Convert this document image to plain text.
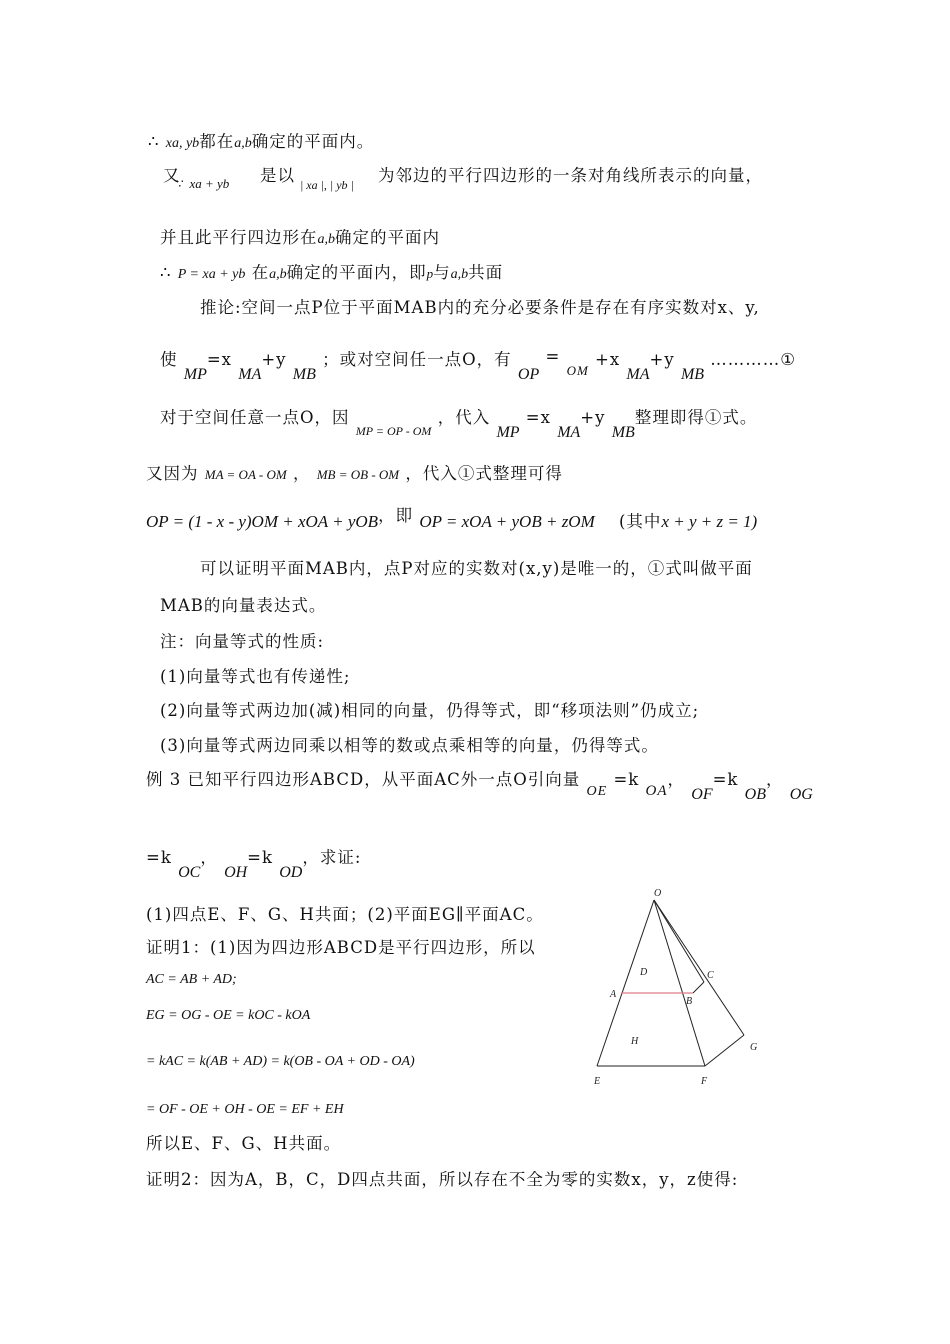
∴ xa, yb都在a,b确定的平面内。
又
∵ xa + yb 是以 | xa |, | yb | 为邻边的平行四边形的一条对角线所表示的向量，
并且此平行四边形在a,b确定的平面内
∴ P = xa + yb 在a,b确定的平面内，即p与a,b共面
推论:空间一点P位于平面MAB内的充分必要条件是存在有序实数对x、y,
使 MP=x MA+y MB ；或对空间任一点O，有 OP = $_{OM}$ +x MA+y MB …………①
对于空间任意一点O，因 $_{MP = OP - OM}$ ，代入 MP =x MA+y MB整理即得①式。
又因为 MA = OA - OM ， MB = OB - OM ，代入①式整理可得
OP = (1 - x - y)OM + xOA + yOB，即 OP = xOA + yOB + zOM (其中x + y + z = 1)
可以证明平面MAB内，点P对应的实数对(x,y)是唯一的，①式叫做平面
MAB的向量表达式。
注：向量等式的性质:
(1)向量等式也有传递性;
(2)向量等式两边加(减)相同的向量，仍得等式，即“移项法则”仍成立;
(3)向量等式两边同乘以相等的数或点乘相等的向量，仍得等式。
例 3 已知平行四边形ABCD，从平面AC外一点O引向量 $_{OE}$ =k OA， OF=k OB， OG
=k OC， OH=k OD，求证:
(1)四点E、F、G、H共面；(2)平面EG∥平面AC。
证明1：(1)因为四边形ABCD是平行四边形，所以
AC = AB + AD;
EG = OG - OE = kOC - kOA
= kAC = k(AB + AD) = k(OB - OA + OD - OA)
= OF - OE + OH - OE = EF + EH
所以E、F、G、H共面。
证明2：因为A，B，C，D四点共面，所以存在不全为零的实数x，y，z使得:
O
D	C
A
B
H
G
E	F
